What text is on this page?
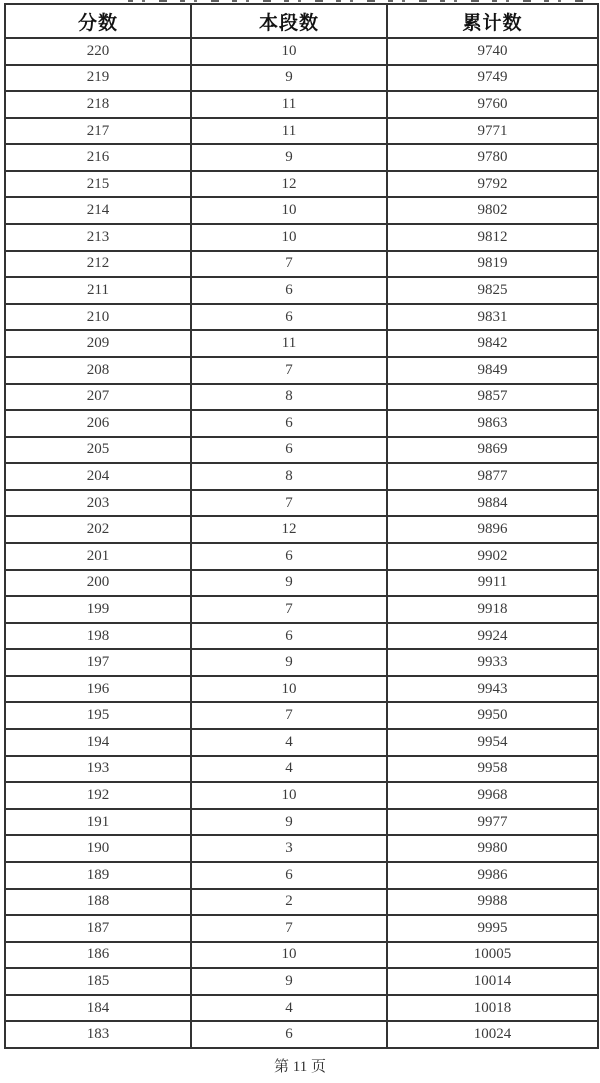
分数	本段数	累计数
220	10	9740
219	9	9749
218	11	9760
217	11	9771
216	9	9780
215	12	9792
214	10	9802
213	10	9812
212	7	9819
211	6	9825
210	6	9831
209	11	9842
208	7	9849
207	8	9857
206	6	9863
205	6	9869
204	8	9877
203	7	9884
202	12	9896
201	6	9902
200	9	9911
199	7	9918
198	6	9924
197	9	9933
196	10	9943
195	7	9950
194	4	9954
193	4	9958
192	10	9968
191	9	9977
190	3	9980
189	6	9986
188	2	9988
187	7	9995
186	10	10005
185	9	10014
184	4	10018
183	6	10024
第 11 页
